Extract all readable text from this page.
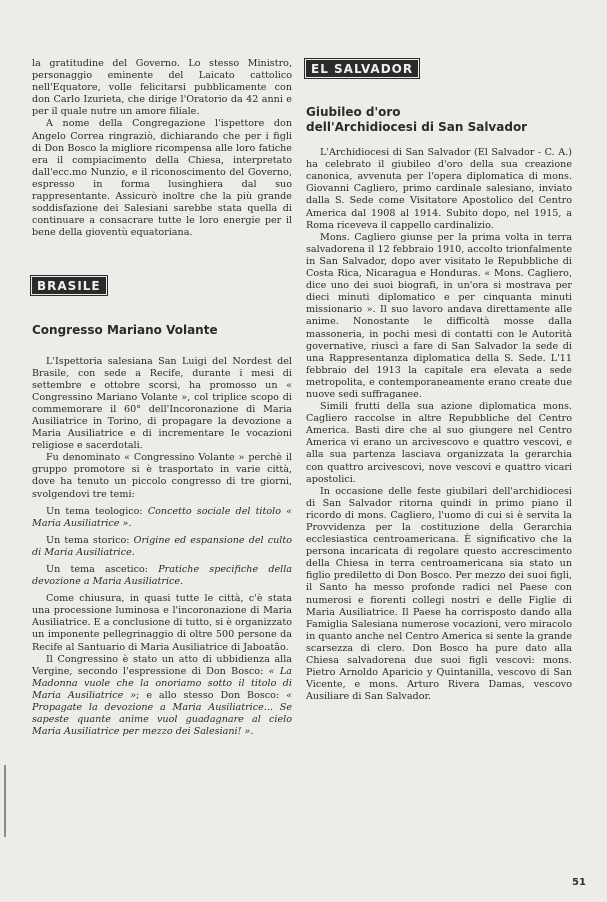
la gratitudine del Governo. Lo stesso Ministro, personaggio eminente del Laicato cattolico nell'Equatore, volle felicitarsi pubblicamente con don Carlo Izurieta, che dirige l'Oratorio da 42 anni e per il quale nutre un amore filiale.

A nome della Congregazione l'ispettore don Angelo Correa ringraziò, dichiarando che per i figli di Don Bosco la migliore ricompensa alle loro fatiche era il compiacimento della Chiesa, interpretato dall'ecc.mo Nunzio, e il riconoscimento del Governo, espresso in forma lusinghiera dal suo rappresentante. Assicurò inoltre che la più grande soddisfazione dei Salesiani sarebbe stata quella di continuare a consacrare tutte le loro energie per il bene della gioventù equatoriana.

BRASILE
Congresso Mariano Volante

L'Ispettoria salesiana San Luigi del Nordest del Brasile, con sede a Recife, durante i mesi di settembre e ottobre scorsi, ha promosso un « Congressino Mariano Volante », col triplice scopo di commemorare il 60° dell'Incoronazione di Maria Ausiliatrice in Torino, di propagare la devozione a Maria Ausiliatrice e di incrementare le vocazioni religiose e sacerdotali.

Fu denominato « Congressino Volante » perchè il gruppo promotore si è trasportato in varie città, dove ha tenuto un piccolo congresso di tre giorni, svolgendovi tre temi:

Un tema teologico: Concetto sociale del titolo « Maria Ausiliatrice ».

Un tema storico: Origine ed espansione del culto di Maria Ausiliatrice.

Un tema ascetico: Pratiche specifiche della devozione a Maria Ausiliatrice.

Come chiusura, in quasi tutte le città, c'è stata una processione luminosa e l'incoronazione di Maria Ausiliatrice. E a conclusione di tutto, si è organizzato un imponente pellegrinaggio di oltre 500 persone da Recife al Santuario di Maria Ausiliatrice di Jaboatão.

Il Congressino è stato un atto di ubbidienza alla Vergine, secondo l'espressione di Don Bosco: « La Madonna vuole che la onoriamo sotto il titolo di Maria Ausiliatrice »; e allo stesso Don Bosco: « Propagate la devozione a Maria Ausiliatrice... Se sapeste quante anime vuol guadagnare al cielo Maria Ausiliatrice per mezzo dei Salesiani! ».

EL SALVADOR
Giubileo d'oro
dell'Archidiocesi di San Salvador

L'Archidiocesi di San Salvador (El Salvador - C. A.) ha celebrato il giubileo d'oro della sua creazione canonica, avvenuta per l'opera diplomatica di mons. Giovanni Cagliero, primo cardinale salesiano, inviato dalla S. Sede come Visitatore Apostolico del Centro America dal 1908 al 1914. Subito dopo, nel 1915, a Roma riceveva il cappello cardinalizio.

Mons. Cagliero giunse per la prima volta in terra salvadorena il 12 febbraio 1910, accolto trionfalmente in San Salvador, dopo aver visitato le Repubbliche di Costa Rica, Nicaragua e Honduras. « Mons. Cagliero, dice uno dei suoi biografi, in un'ora si mostrava per dieci minuti diplomatico e per cinquanta minuti missionario ». Il suo lavoro andava direttamente alle anime. Nonostante le difficoltà mosse dalla massoneria, in pochi mesi di contatti con le Autorità governative, riuscì a fare di San Salvador la sede di una Rappresentanza diplomatica della S. Sede. L'11 febbraio del 1913 la capitale era elevata a sede metropolita, e contemporaneamente erano create due nuove sedi suffraganee.

Simili frutti della sua azione diplomatica mons. Cagliero raccolse in altre Repubbliche del Centro America. Basti dire che al suo giungere nel Centro America vi erano un arcivescovo e quattro vescovi, e alla sua partenza lasciava organizzata la gerarchia con quattro arcivescovi, nove vescovi e quattro vicari apostolici.

In occasione delle feste giubilari dell'archidiocesi di San Salvador ritorna quindi in primo piano il ricordo di mons. Cagliero, l'uomo di cui si è servita la Provvidenza per la costituzione della Gerarchia ecclesiastica centroamericana. È significativo che la persona incaricata di regolare questo accrescimento della Chiesa in terra centroamericana sia stato un figlio prediletto di Don Bosco. Per mezzo dei suoi figli, il Santo ha messo profonde radici nel Paese con numerosi e fiorenti collegi nostri e delle Figlie di Maria Ausiliatrice. Il Paese ha corrisposto dando alla Famiglia Salesiana numerose vocazioni, vero miracolo in quanto anche nel Centro America si sente la grande scarsezza di clero. Don Bosco ha pure dato alla Chiesa salvadorena due suoi figli vescovi: mons. Pietro Arnoldo Aparicio y Quintanilla, vescovo di San Vicente, e mons. Arturo Rivera Damas, vescovo Ausiliare di San Salvador.

51
